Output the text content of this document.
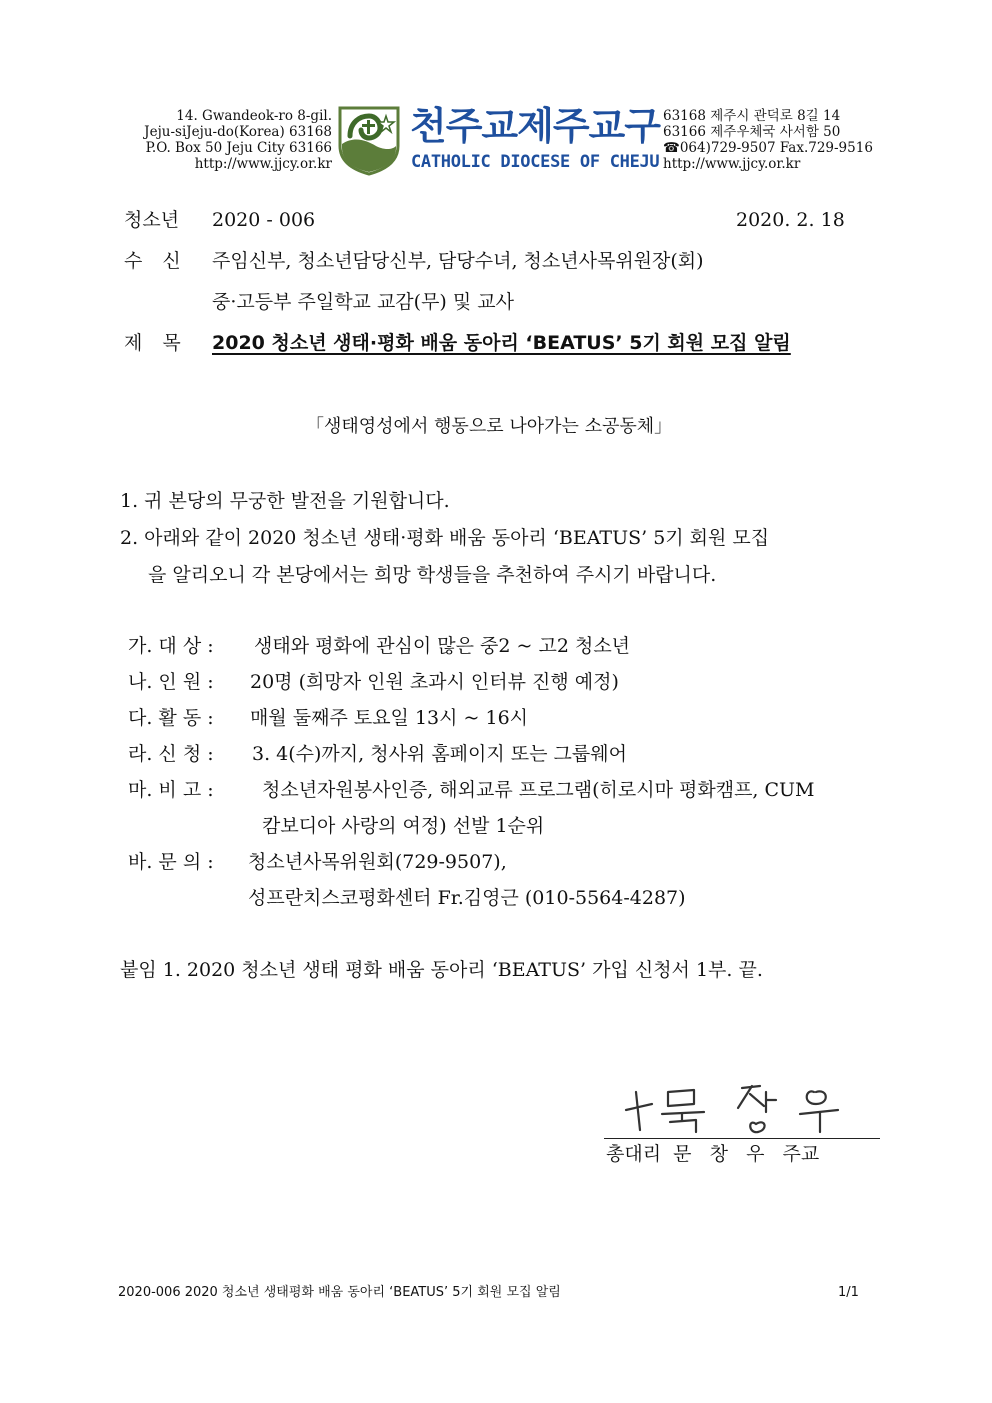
14. Gwandeok-ro 8-gil.
Jeju-siJeju-do(Korea) 63168
P.O. Box 50 Jeju City 63166
http://www.jjcy.or.kr
천주교제주교구
CATHOLIC DIOCESE OF CHEJU
63168 제주시 관덕로 8길 14
63166 제주우체국 사서함 50
☎064)729-9507 Fax.729-9516
http://www.jjcy.or.kr
청소년 2020 - 006	2020. 2. 18
수 신 주임신부, 청소년담당신부, 담당수녀, 청소년사목위원장(회)
중·고등부 주일학교 교감(무) 및 교사
제 목 2020 청소년 생태·평화 배움 동아리 ‘BEATUS’ 5기 회원 모집 알림
「생태영성에서 행동으로 나아가는 소공동체」
1. 귀 본당의 무궁한 발전을 기원합니다.
2. 아래와 같이 2020 청소년 생태·평화 배움 동아리 ‘BEATUS’ 5기 회원 모집
을 알리오니 각 본당에서는 희망 학생들을 추천하여 주시기 바랍니다.
가. 대 상 : 생태와 평화에 관심이 많은 중2 ~ 고2 청소년
나. 인 원 : 20명 (희망자 인원 초과시 인터뷰 진행 예정)
다. 활 동 : 매월 둘째주 토요일 13시 ~ 16시
라. 신 청 : 3. 4(수)까지, 청사위 홈페이지 또는 그룹웨어
마. 비 고 :	청소년자원봉사인증, 해외교류 프로그램(히로시마 평화캠프, CUM
캄보디아 사랑의 여정) 선발 1순위
바. 문 의 : 청소년사목위원회(729-9507),
성프란치스코평화센터 Fr.김영근 (010-5564-4287)
붙임 1. 2020 청소년 생태 평화 배움 동아리 ‘BEATUS’ 가입 신청서 1부. 끝.
총대리  문   창   우   주교
2020-006 2020 청소년 생태평화 배움 동아리 ‘BEATUS’ 5기 회원 모집 알림	1/1
